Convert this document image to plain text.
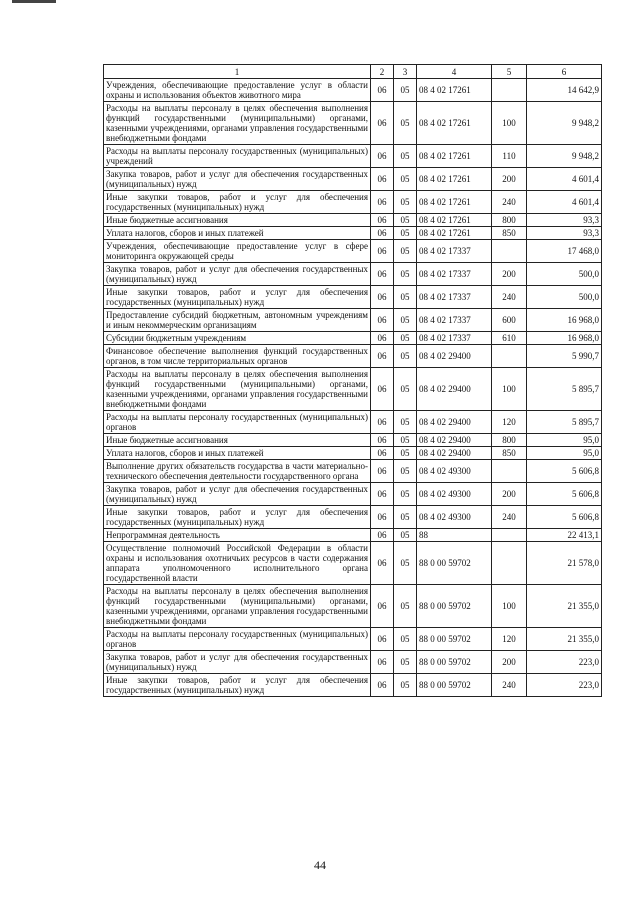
1	2	3	4	5	6
Учреждения, обеспечивающие предоставление услуг в области охраны и использования объектов животного мира	06	05	08 4 02 17261		14 642,9
Расходы на выплаты персоналу в целях обеспечения выполнения функций государственными (муниципальными) органами, казенными учреждениями, органами управления государственными внебюджетными фондами	06	05	08 4 02 17261	100	9 948,2
Расходы на выплаты персоналу государственных (муниципальных) учреждений	06	05	08 4 02 17261	110	9 948,2
Закупка товаров, работ и услуг для обеспечения государственных (муниципальных) нужд	06	05	08 4 02 17261	200	4 601,4
Иные закупки товаров, работ и услуг для обеспечения государственных (муниципальных) нужд	06	05	08 4 02 17261	240	4 601,4
Иные бюджетные ассигнования	06	05	08 4 02 17261	800	93,3
Уплата налогов, сборов и иных платежей	06	05	08 4 02 17261	850	93,3
Учреждения, обеспечивающие предоставление услуг в сфере мониторинга окружающей среды	06	05	08 4 02 17337		17 468,0
Закупка товаров, работ и услуг для обеспечения государственных (муниципальных) нужд	06	05	08 4 02 17337	200	500,0
Иные закупки товаров, работ и услуг для обеспечения государственных (муниципальных) нужд	06	05	08 4 02 17337	240	500,0
Предоставление субсидий бюджетным, автономным учреждениям и иным некоммерческим организациям	06	05	08 4 02 17337	600	16 968,0
Субсидии бюджетным учреждениям	06	05	08 4 02 17337	610	16 968,0
Финансовое обеспечение выполнения функций государственных органов, в том числе территориальных органов	06	05	08 4 02 29400		5 990,7
Расходы на выплаты персоналу в целях обеспечения выполнения функций государственными (муниципальными) органами, казенными учреждениями, органами управления государственными внебюджетными фондами	06	05	08 4 02 29400	100	5 895,7
Расходы на выплаты персоналу государственных (муниципальных) органов	06	05	08 4 02 29400	120	5 895,7
Иные бюджетные ассигнования	06	05	08 4 02 29400	800	95,0
Уплата налогов, сборов и иных платежей	06	05	08 4 02 29400	850	95,0
Выполнение других обязательств государства в части материально-технического обеспечения деятельности государственного органа	06	05	08 4 02 49300		5 606,8
Закупка товаров, работ и услуг для обеспечения государственных (муниципальных) нужд	06	05	08 4 02 49300	200	5 606,8
Иные закупки товаров, работ и услуг для обеспечения государственных (муниципальных) нужд	06	05	08 4 02 49300	240	5 606,8
Непрограммная деятельность	06	05	88		22 413,1
Осуществление полномочий Российской Федерации в области охраны и использования охотничьих ресурсов в части содержания аппарата уполномоченного исполнительного органа государственной власти	06	05	88 0 00 59702		21 578,0
Расходы на выплаты персоналу в целях обеспечения выполнения функций государственными (муниципальными) органами, казенными учреждениями, органами управления государственными внебюджетными фондами	06	05	88 0 00 59702	100	21 355,0
Расходы на выплаты персоналу государственных (муниципальных) органов	06	05	88 0 00 59702	120	21 355,0
Закупка товаров, работ и услуг для обеспечения государственных (муниципальных) нужд	06	05	88 0 00 59702	200	223,0
Иные закупки товаров, работ и услуг для обеспечения государственных (муниципальных) нужд	06	05	88 0 00 59702	240	223,0
44
